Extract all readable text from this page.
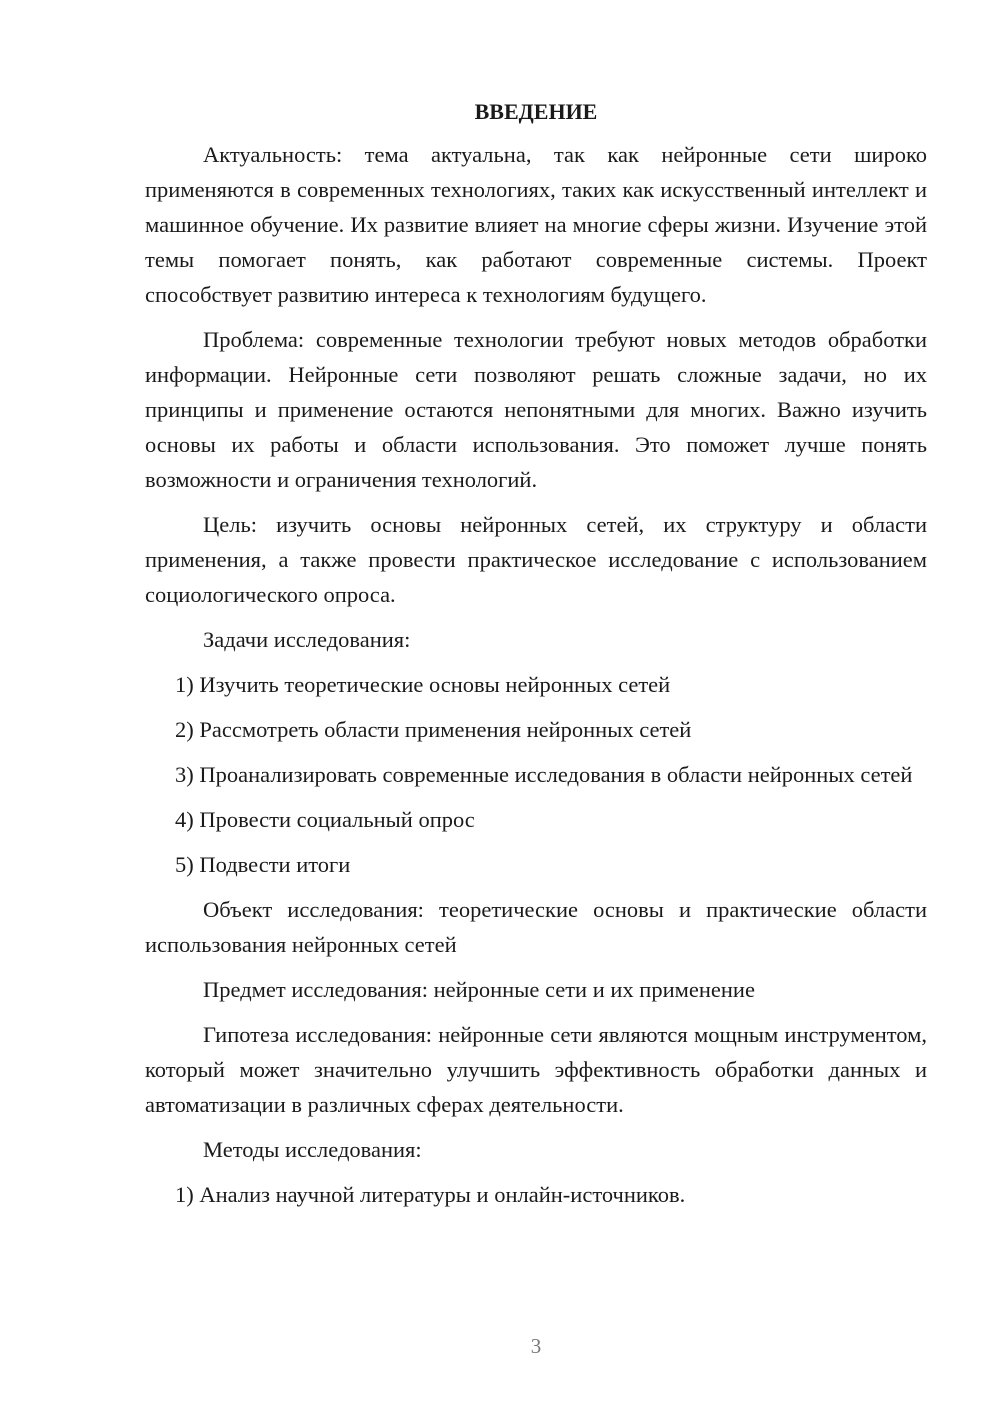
ВВЕДЕНИЕ

Актуальность: тема актуальна, так как нейронные сети широко применяются в современных технологиях, таких как искусственный интеллект и машинное обучение. Их развитие влияет на многие сферы жизни. Изучение этой темы помогает понять, как работают современные системы. Проект способствует развитию интереса к технологиям будущего.

Проблема: современные технологии требуют новых методов обработки информации. Нейронные сети позволяют решать сложные задачи, но их принципы и применение остаются непонятными для многих. Важно изучить основы их работы и области использования. Это поможет лучше понять возможности и ограничения технологий.

Цель: изучить основы нейронных сетей, их структуру и области применения, а также провести практическое исследование с использованием социологического опроса.

Задачи исследования:

1) Изучить теоретические основы нейронных сетей

2) Рассмотреть области применения нейронных сетей

3) Проанализировать современные исследования в области нейронных сетей

4) Провести социальный опрос

5) Подвести итоги

Объект исследования: теоретические основы и практические области использования нейронных сетей

Предмет исследования: нейронные сети и их применение

Гипотеза исследования: нейронные сети являются мощным инструментом, который может значительно улучшить эффективность обработки данных и автоматизации в различных сферах деятельности.

Методы исследования:

1) Анализ научной литературы и онлайн-источников.

3
